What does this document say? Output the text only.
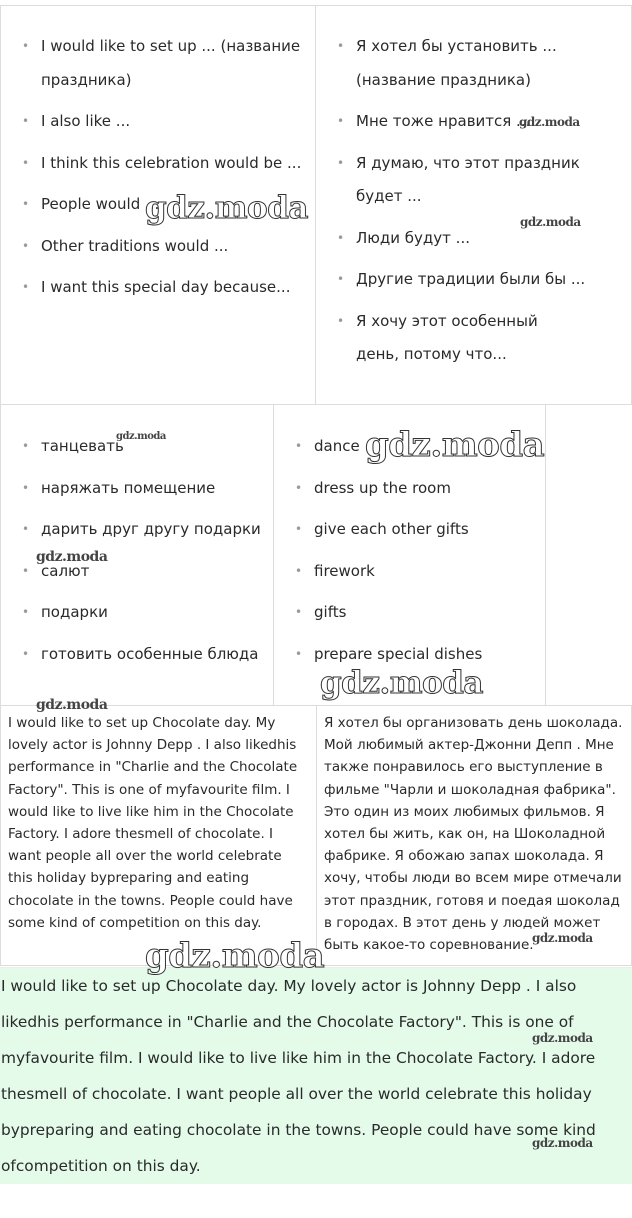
• I would like to set up ... (название праздника)
• I also like ...
• I think this celebration would be ...
• People would ...
• Other traditions would ...
• I want this special day because...
• Я хотел бы установить ... (название праздника)
• Мне тоже нравится ...
• Я думаю, что этот праздник будет ...
• Люди будут ...
• Другие традиции были бы ...
• Я хочу этот особенный день, потому что...
• танцевать
• наряжать помещение
• дарить друг другу подарки
• салют
• подарки
• готовить особенные блюда
• dance
• dress up the room
• give each other gifts
• firework
• gifts
• prepare special dishes

I would like to set up Chocolate day. My lovely actor is Johnny Depp . I also likedhis performance in "Charlie and the Chocolate Factory". This is one of myfavourite film. I would like to live like him in the Chocolate Factory. I adore thesmell of chocolate. I want people all over the world celebrate this holiday bypreparing and eating chocolate in the towns. People could have some kind of competition on this day.

Я хотел бы организовать день шоколада. Мой любимый актер-Джонни Депп . Мне также понравилось его выступление в фильме "Чарли и шоколадная фабрика". Это один из моих любимых фильмов. Я хотел бы жить, как он, на Шоколадной фабрике. Я обожаю запах шоколада. Я хочу, чтобы люди во всем мире отмечали этот праздник, готовя и поедая шоколад в городах. В этот день у людей может быть какое-то соревнование.

I would like to set up Chocolate day. My lovely actor is Johnny Depp . I also likedhis performance in "Charlie and the Chocolate Factory". This is one of myfavourite film. I would like to live like him in the Chocolate Factory. I adore thesmell of chocolate. I want people all over the world celebrate this holiday bypreparing and eating chocolate in the towns. People could have some kind ofcompetition on this day.

gdz.moda
gdz.moda
gdz.moda
gdz.moda	gdz.moda
gdz.moda
gdz.moda
gdz.moda
gdz.moda	gdz.moda
gdz.moda
gdz.moda
